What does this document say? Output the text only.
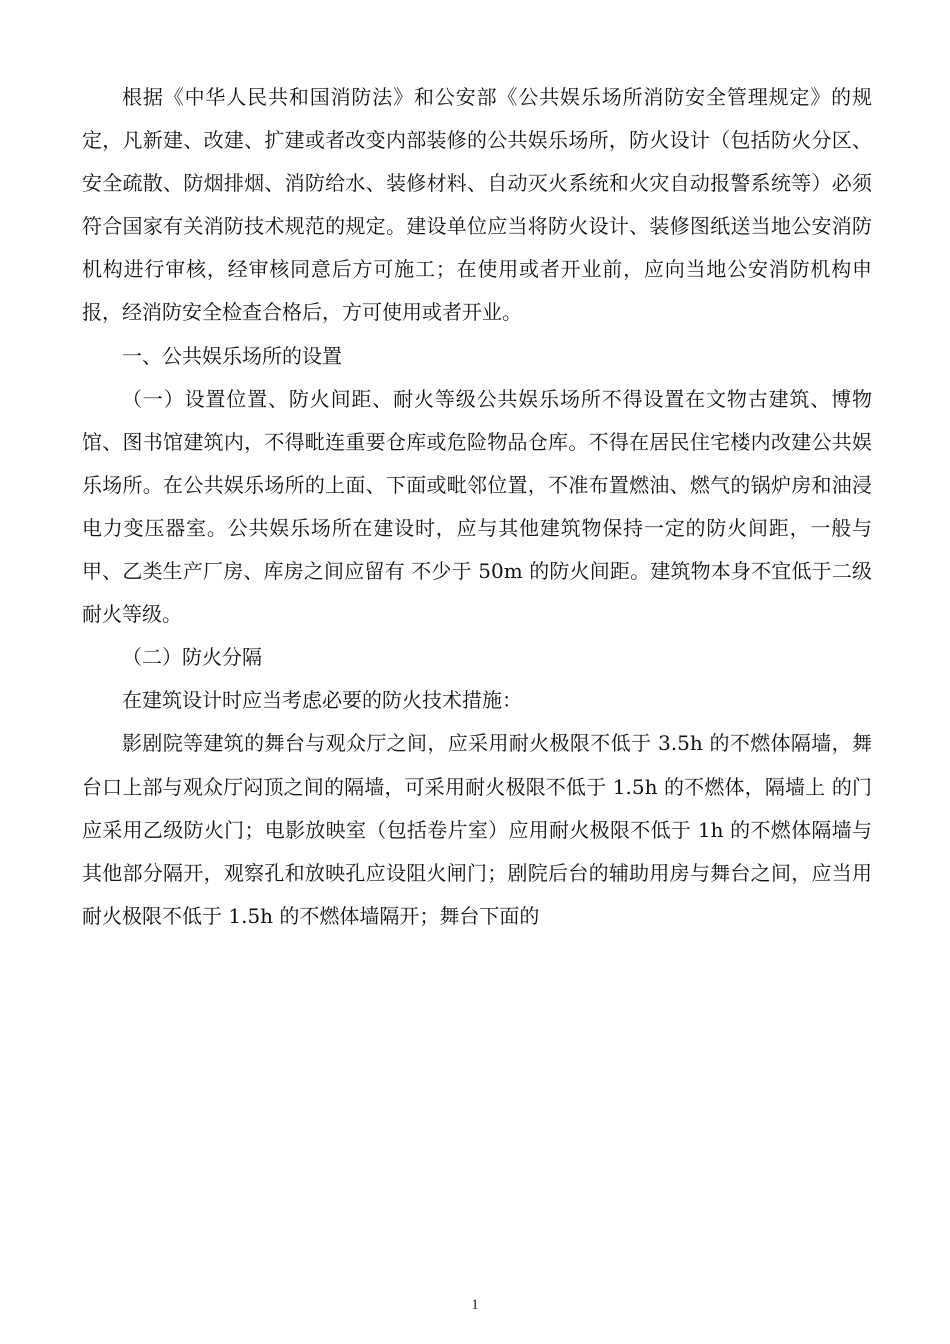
根据《中华人民共和国消防法》和公安部《公共娱乐场所消防安全管理规定》的规定，凡新建、改建、扩建或者改变内部装修的公共娱乐场所，防火设计（包括防火分区、安全疏散、防烟排烟、消防给水、装修材料、自动灭火系统和火灾自动报警系统等）必须符合国家有关消防技术规范的规定。建设单位应当将防火设计、装修图纸送当地公安消防机构进行审核，经审核同意后方可施工；在使用或者开业前，应向当地公安消防机构申报，经消防安全检查合格后，方可使用或者开业。

一、公共娱乐场所的设置

（一）设置位置、防火间距、耐火等级公共娱乐场所不得设置在文物古建筑、博物馆、图书馆建筑内，不得毗连重要仓库或危险物品仓库。不得在居民住宅楼内改建公共娱乐场所。在公共娱乐场所的上面、下面或毗邻位置，不准布置燃油、燃气的锅炉房和油浸电力变压器室。公共娱乐场所在建设时，应与其他建筑物保持一定的防火间距，一般与甲、乙类生产厂房、库房之间应留有 不少于 50m 的防火间距。建筑物本身不宜低于二级耐火等级。

（二）防火分隔

在建筑设计时应当考虑必要的防火技术措施：

影剧院等建筑的舞台与观众厅之间，应采用耐火极限不低于 3.5h 的不燃体隔墙，舞台口上部与观众厅闷顶之间的隔墙，可采用耐火极限不低于 1.5h 的不燃体，隔墙上 的门应采用乙级防火门；电影放映室（包括卷片室）应用耐火极限不低于 1h 的不燃体隔墙与其他部分隔开，观察孔和放映孔应设阻火闸门；剧院后台的辅助用房与舞台之间，应当用耐火极限不低于 1.5h 的不燃体墙隔开；舞台下面的

1
